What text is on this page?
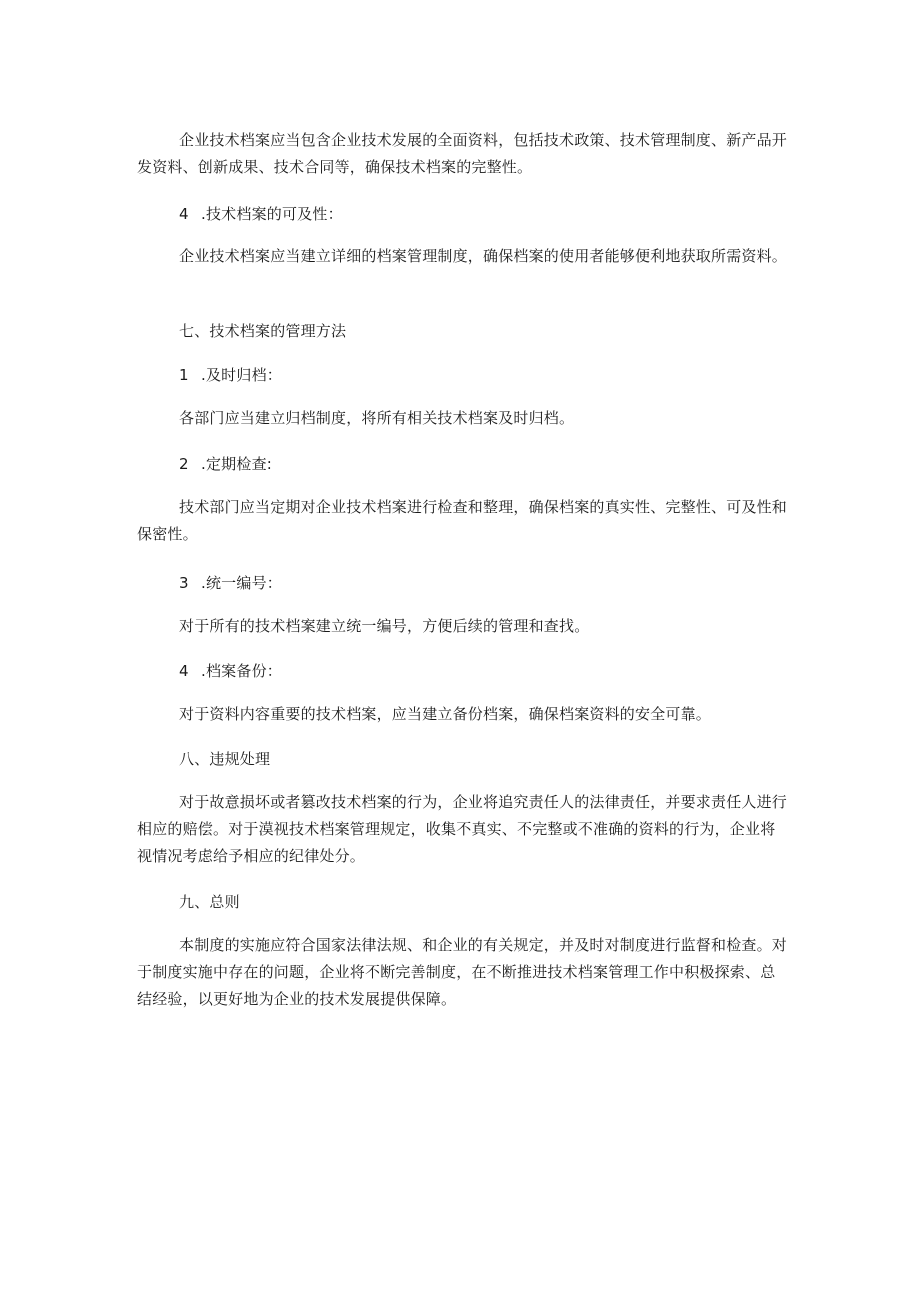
企业技术档案应当包含企业技术发展的全面资料，包括技术政策、技术管理制度、新产品开发资料、创新成果、技术合同等，确保技术档案的完整性。

4 .技术档案的可及性：

企业技术档案应当建立详细的档案管理制度，确保档案的使用者能够便利地获取所需资料。

七、技术档案的管理方法

1 .及时归档：

各部门应当建立归档制度，将所有相关技术档案及时归档。

2 .定期检查:

技术部门应当定期对企业技术档案进行检查和整理，确保档案的真实性、完整性、可及性和保密性。

3 .统一编号：

对于所有的技术档案建立统一编号，方便后续的管理和查找。

4 .档案备份：

对于资料内容重要的技术档案，应当建立备份档案，确保档案资料的安全可靠。

八、违规处理

对于故意损坏或者篡改技术档案的行为，企业将追究责任人的法律责任，并要求责任人进行相应的赔偿。对于漠视技术档案管理规定，收集不真实、不完整或不准确的资料的行为，企业将视情况考虑给予相应的纪律处分。

九、总则

本制度的实施应符合国家法律法规、和企业的有关规定，并及时对制度进行监督和检查。对于制度实施中存在的问题，企业将不断完善制度，在不断推进技术档案管理工作中积极探索、总结经验，以更好地为企业的技术发展提供保障。
